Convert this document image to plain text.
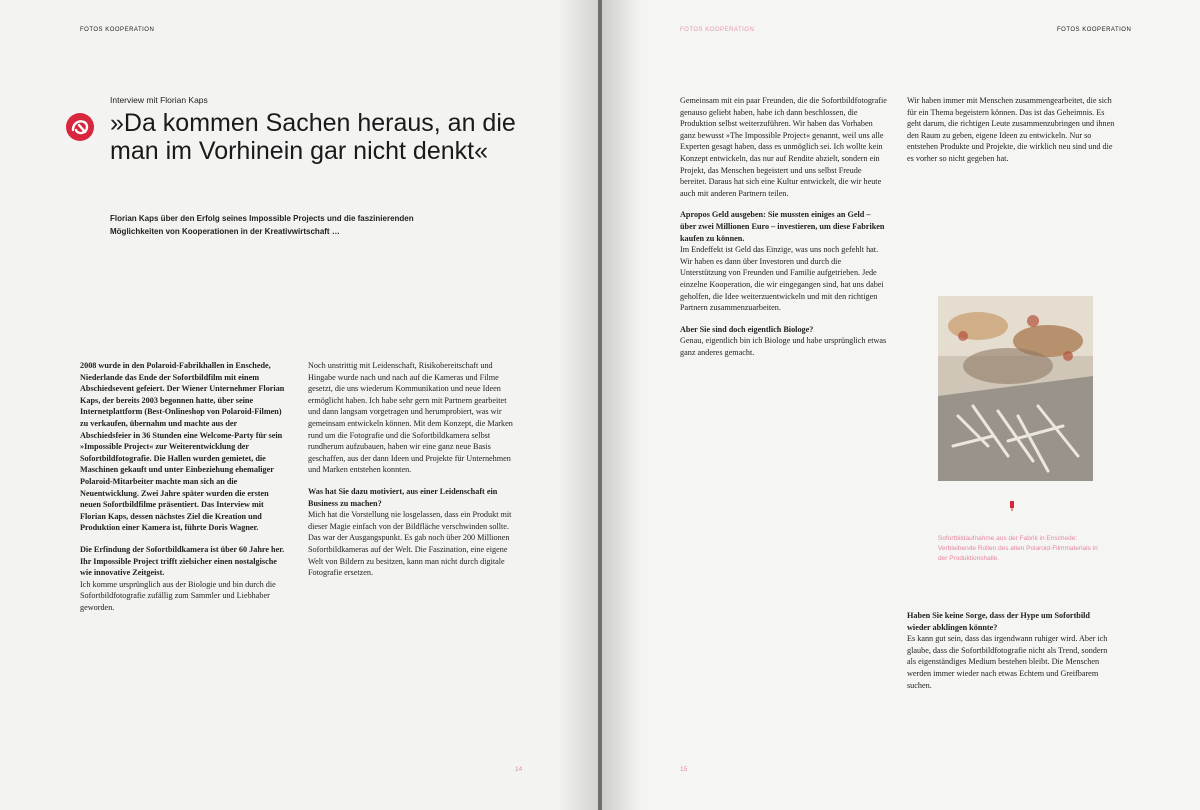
FOTOS KOOPERATION
Interview mit Florian Kaps
»Da kommen Sachen heraus, an die man im Vorhinein gar nicht denkt«

Florian Kaps über den Erfolg seines Impossible Projects und die faszinierenden Möglichkeiten von Kooperationen in der Kreativwirtschaft …

2008 wurde in den Polaroid-Fabrikhallen in Enschede, Niederlande das Ende der Sofortbildfilm mit einem Abschiedsevent gefeiert. Der Wiener Unternehmer Florian Kaps, der bereits 2003 begonnen hatte, über seine Internetplattform (Best-Onlineshop von Polaroid-Filmen) zu verkaufen, übernahm und machte aus der Abschiedsfeier in 36 Stunden eine Welcome-Party für sein »Impossible Project« zur Weiterentwicklung der Sofortbildfotografie. Die Hallen wurden gemietet, die Maschinen gekauft und unter Einbeziehung ehemaliger Polaroid-Mitarbeiter machte man sich an die Neuentwicklung. Zwei Jahre später wurden die ersten neuen Sofortbildfilme präsentiert. Das Interview mit Florian Kaps, dessen nächstes Ziel die Kreation und Produktion einer Kamera ist, führte Doris Wagner.

Die Erfindung der Sofortbildkamera ist über 60 Jahre her. Ihr Impossible Project trifft zielsicher einen nostalgische wie innovative Zeitgeist.
Ich komme ursprünglich aus der Biologie und bin durch die Sofortbildfotografie zufällig zum Sammler und Liebhaber geworden.

Noch unstrittig mit Leidenschaft, Risikobereitschaft und Hingabe wurde nach und nach auf die Kameras und Filme gesetzt, die uns wiederum Kommunikation und neue Ideen ermöglicht haben. Ich habe sehr gern mit Partnern gearbeitet und dann langsam vorgetragen und herumprobiert, was wir gemeinsam entwickeln können. Mit dem Konzept, die Marken rund um die Fotografie und die Sofortbildkamera selbst rundherum aufzubauen, haben wir eine ganz neue Basis geschaffen, aus der dann Ideen und Projekte für Unternehmen und Marken entstehen konnten.

Was hat Sie dazu motiviert, aus einer Leidenschaft ein Business zu machen?
Mich hat die Vorstellung nie losgelassen, dass ein Produkt mit dieser Magie einfach von der Bildfläche verschwinden sollte. Das war der Ausgangspunkt. Es gab noch über 200 Millionen Sofortbildkameras auf der Welt. Die Faszination, eine eigene Welt von Bildern zu besitzen, kann man nicht durch digitale Fotografie ersetzen.

14
FOTOS KOOPERATION	FOTOS KOOPERATION

Gemeinsam mit ein paar Freunden, die die Sofortbildfotografie genauso geliebt haben, habe ich dann beschlossen, die Produktion selbst weiterzuführen. Wir haben das Vorhaben ganz bewusst »The Impossible Project« genannt, weil uns alle Experten gesagt haben, dass es unmöglich sei. Ich wollte kein Konzept entwickeln, das nur auf Rendite abzielt, sondern ein Projekt, das Menschen begeistert und uns selbst Freude bereitet. Daraus hat sich eine Kultur entwickelt, die wir heute auch mit anderen Partnern teilen.

Apropos Geld ausgeben: Sie mussten einiges an Geld – über zwei Millionen Euro – investieren, um diese Fabriken kaufen zu können.
Im Endeffekt ist Geld das Einzige, was uns noch gefehlt hat. Wir haben es dann über Investoren und durch die Unterstützung von Freunden und Familie aufgetrieben. Jede einzelne Kooperation, die wir eingegangen sind, hat uns dabei geholfen, die Idee weiterzuentwickeln und mit den richtigen Partnern zusammenzuarbeiten.

Aber Sie sind doch eigentlich Biologe?
Genau, eigentlich bin ich Biologe und habe ursprünglich etwas ganz anderes gemacht.

Wir haben immer mit Menschen zusammengearbeitet, die sich für ein Thema begeistern können. Das ist das Geheimnis. Es geht darum, die richtigen Leute zusammenzubringen und ihnen den Raum zu geben, eigene Ideen zu entwickeln. Nur so entstehen Produkte und Projekte, die wirklich neu sind und die es vorher so nicht gegeben hat.

Sofortbildaufnahme aus der Fabrik in Enschede: Verbleibende Rollen des alten Polaroid-Filmmaterials in der Produktionshalle.

Haben Sie keine Sorge, dass der Hype um Sofortbild wieder abklingen könnte?
Es kann gut sein, dass das irgendwann ruhiger wird. Aber ich glaube, dass die Sofortbildfotografie nicht als Trend, sondern als eigenständiges Medium bestehen bleibt. Die Menschen werden immer wieder nach etwas Echtem und Greifbarem suchen.

15
